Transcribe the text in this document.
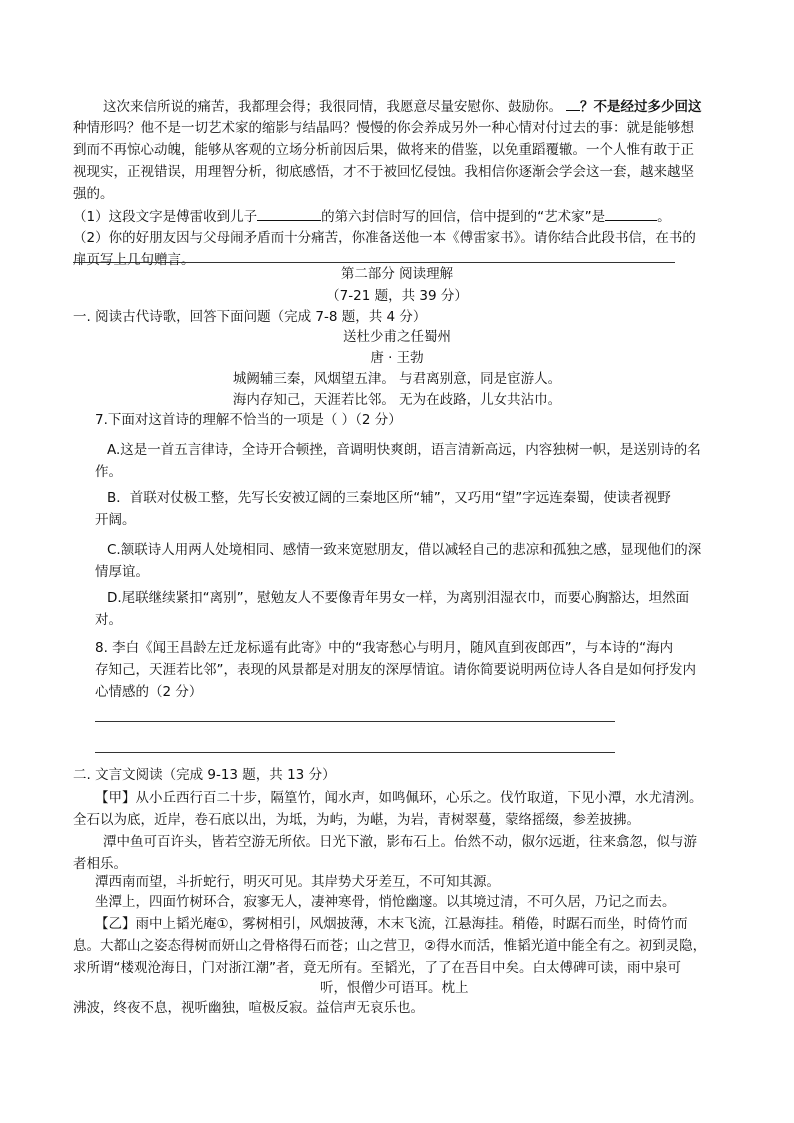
这次来信所说的痛苦，我都理会得；我很同情，我愿意尽量安慰你、鼓励你。 ？不是经过多少回这
种情形吗？他不是一切艺术家的缩影与结晶吗？慢慢的你会养成另外一种心情对付过去的事：就是能够想
到而不再惊心动魄，能够从客观的立场分析前因后果，做将来的借鉴，以免重蹈覆辙。一个人惟有敢于正
视现实，正视错误，用理智分析，彻底感悟，才不于被回忆侵蚀。我相信你逐渐会学会这一套，越来越坚
强的。
（1）这段文字是傅雷收到儿子	的第六封信时写的回信，信中提到的“艺术家”是	。
（2）你的好朋友因与父母闹矛盾而十分痛苦，你准备送他一本《傅雷家书》。请你结合此段书信，在书的
扉页写上几句赠言。
第二部分 阅读理解
（7-21 题，共 39 分）
一. 阅读古代诗歌，回答下面问题（完成 7-8 题，共 4 分）
送杜少甫之任蜀州
唐 · 王勃
城阙辅三秦，风烟望五津。 与君离别意，同是宦游人。
海内存知己，天涯若比邻。 无为在歧路，儿女共沾巾。
7.下面对这首诗的理解不恰当的一项是（ ）（2 分）
A.这是一首五言律诗，全诗开合顿挫，音调明快爽朗，语言清新高远，内容独树一帜，是送别诗的名
作。
B．首联对仗极工整，先写长安被辽阔的三秦地区所“辅”，又巧用“望”字远连秦蜀，使读者视野
开阔。
C.颔联诗人用两人处境相同、感情一致来宽慰朋友，借以减轻自己的悲凉和孤独之感，显现他们的深
情厚谊。
D.尾联继续紧扣“离别”，慰勉友人不要像青年男女一样，为离别泪湿衣巾，而要心胸豁达，坦然面
对。
8. 李白《闻王昌龄左迁龙标遥有此寄》中的“我寄愁心与明月，随风直到夜郎西”，与本诗的“海内
存知己，天涯若比邻”，表现的风景都是对朋友的深厚情谊。请你简要说明两位诗人各自是如何抒发内
心情感的（2 分）
二. 文言文阅读（完成 9-13 题，共 13 分）
【甲】从小丘西行百二十步，隔篁竹，闻水声，如鸣佩环，心乐之。伐竹取道，下见小潭，水尤清洌。
全石以为底，近岸，卷石底以出，为坻，为屿，为嵁，为岩，青树翠蔓，蒙络摇缀，参差披拂。
潭中鱼可百许头，皆若空游无所依。日光下澈，影布石上。佁然不动，俶尔远逝，往来翕忽，似与游
者相乐。
潭西南而望，斗折蛇行，明灭可见。其岸势犬牙差互，不可知其源。
坐潭上，四面竹树环合，寂寥无人，凄神寒骨，悄怆幽邃。以其境过清，不可久居，乃记之而去。
【乙】雨中上韬光庵①，雾树相引，风烟披薄，木末飞流，江悬海挂。稍倦，时踞石而坐，时倚竹而
息。大都山之姿态得树而妍山之骨格得石而苍；山之营卫，②得水而活，惟韬光道中能全有之。初到灵隐，
求所谓“楼观沧海日，门对浙江潮”者，竟无所有。至韬光，了了在吾目中矣。白太傅碑可读，雨中泉可
听，恨僧少可语耳。枕上
沸波，终夜不息，视听幽独，喧极反寂。益信声无哀乐也。
